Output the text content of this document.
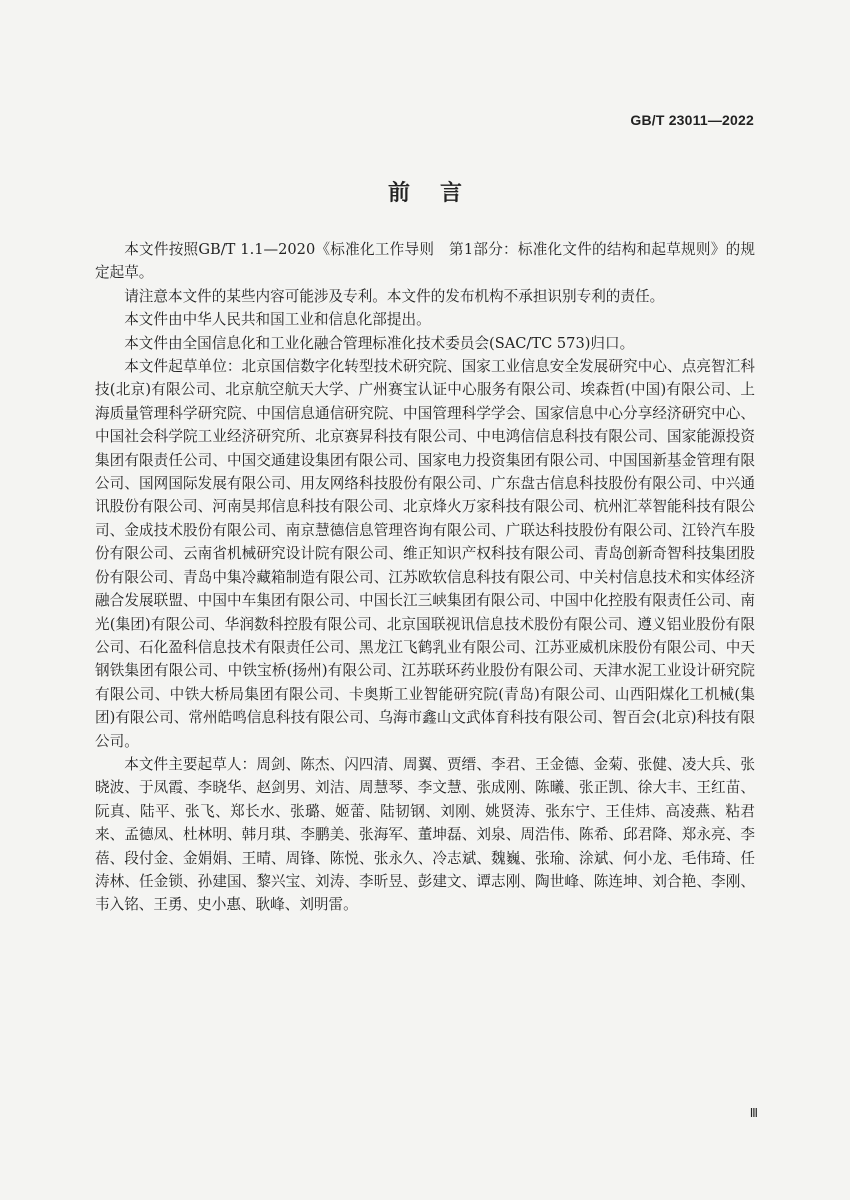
GB/T 23011—2022
前言

本文件按照GB/T 1.1—2020《标准化工作导则　第1部分：标准化文件的结构和起草规则》的规定起草。

请注意本文件的某些内容可能涉及专利。本文件的发布机构不承担识别专利的责任。

本文件由中华人民共和国工业和信息化部提出。

本文件由全国信息化和工业化融合管理标准化技术委员会(SAC/TC 573)归口。

本文件起草单位：北京国信数字化转型技术研究院、国家工业信息安全发展研究中心、点亮智汇科技(北京)有限公司、北京航空航天大学、广州赛宝认证中心服务有限公司、埃森哲(中国)有限公司、上海质量管理科学研究院、中国信息通信研究院、中国管理科学学会、国家信息中心分享经济研究中心、中国社会科学院工业经济研究所、北京赛昇科技有限公司、中电鸿信信息科技有限公司、国家能源投资集团有限责任公司、中国交通建设集团有限公司、国家电力投资集团有限公司、中国国新基金管理有限公司、国网国际发展有限公司、用友网络科技股份有限公司、广东盘古信息科技股份有限公司、中兴通讯股份有限公司、河南昊邦信息科技有限公司、北京烽火万家科技有限公司、杭州汇萃智能科技有限公司、金成技术股份有限公司、南京慧德信息管理咨询有限公司、广联达科技股份有限公司、江铃汽车股份有限公司、云南省机械研究设计院有限公司、维正知识产权科技有限公司、青岛创新奇智科技集团股份有限公司、青岛中集冷藏箱制造有限公司、江苏欧软信息科技有限公司、中关村信息技术和实体经济融合发展联盟、中国中车集团有限公司、中国长江三峡集团有限公司、中国中化控股有限责任公司、南光(集团)有限公司、华润数科控股有限公司、北京国联视讯信息技术股份有限公司、遵义铝业股份有限公司、石化盈科信息技术有限责任公司、黑龙江飞鹤乳业有限公司、江苏亚威机床股份有限公司、中天钢铁集团有限公司、中铁宝桥(扬州)有限公司、江苏联环药业股份有限公司、天津水泥工业设计研究院有限公司、中铁大桥局集团有限公司、卡奥斯工业智能研究院(青岛)有限公司、山西阳煤化工机械(集团)有限公司、常州皓鸣信息科技有限公司、乌海市鑫山文武体育科技有限公司、智百会(北京)科技有限公司。

本文件主要起草人：周剑、陈杰、闪四清、周翼、贾缙、李君、王金德、金菊、张健、凌大兵、张晓波、于凤霞、李晓华、赵剑男、刘洁、周慧琴、李文慧、张成刚、陈曦、张正凯、徐大丰、王红苗、阮真、陆平、张飞、郑长水、张璐、姬蕾、陆韧钢、刘刚、姚贤涛、张东宁、王佳炜、高凌燕、粘君来、孟德凤、杜林明、韩月琪、李鹏美、张海军、董坤磊、刘泉、周浩伟、陈希、邱君降、郑永亮、李蓓、段付金、金娟娟、王晴、周锋、陈悦、张永久、冷志斌、魏巍、张瑜、涂斌、何小龙、毛伟琦、任涛林、任金锁、孙建国、黎兴宝、刘涛、李昕昱、彭建文、谭志刚、陶世峰、陈连坤、刘合艳、李刚、韦入铭、王勇、史小惠、耿峰、刘明雷。

Ⅲ
